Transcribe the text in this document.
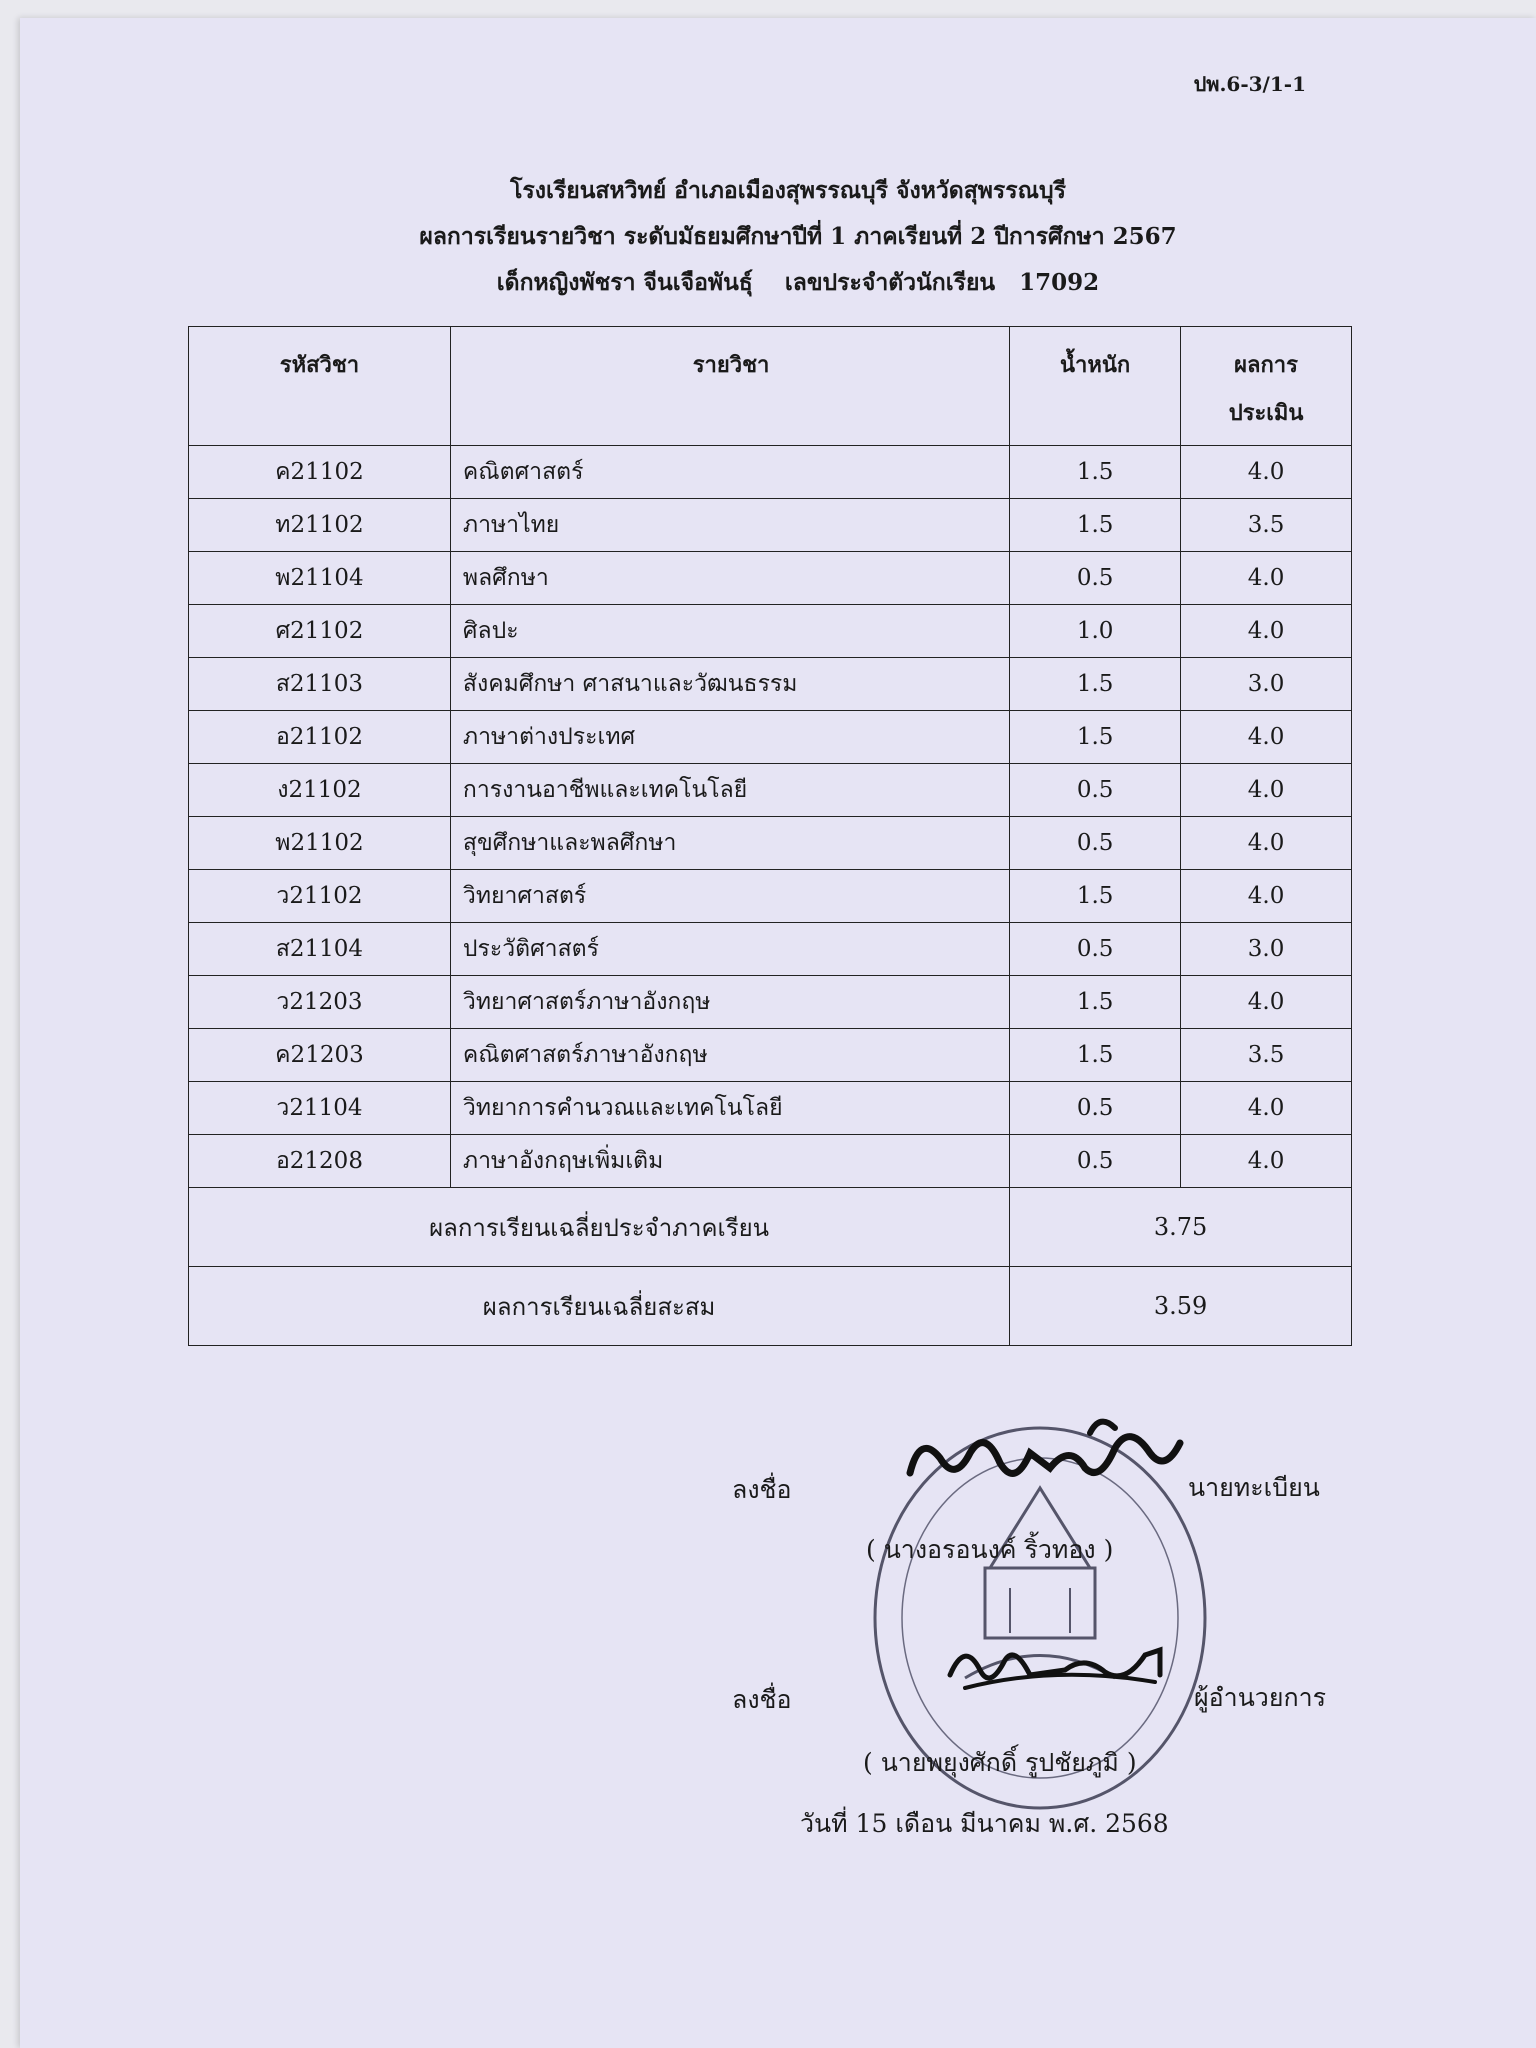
ปพ.6-3/1-1
โรงเรียนสหวิทย์ อำเภอเมืองสุพรรณบุรี จังหวัดสุพรรณบุรี
ผลการเรียนรายวิชา ระดับมัธยมศึกษาปีที่ 1 ภาคเรียนที่ 2 ปีการศึกษา 2567
เด็กหญิงพัชรา จีนเจือพันธุ์ เลขประจำตัวนักเรียน 17092
รหัสวิชา	รายวิชา	น้ำหนัก	ผลการ
ประเมิน

ค21102	คณิตศาสตร์	1.5	4.0
ท21102	ภาษาไทย	1.5	3.5
พ21104	พลศึกษา	0.5	4.0
ศ21102	ศิลปะ	1.0	4.0
ส21103	สังคมศึกษา ศาสนาและวัฒนธรรม	1.5	3.0
อ21102	ภาษาต่างประเทศ	1.5	4.0
ง21102	การงานอาชีพและเทคโนโลยี	0.5	4.0
พ21102	สุขศึกษาและพลศึกษา	0.5	4.0
ว21102	วิทยาศาสตร์	1.5	4.0
ส21104	ประวัติศาสตร์	0.5	3.0
ว21203	วิทยาศาสตร์ภาษาอังกฤษ	1.5	4.0
ค21203	คณิตศาสตร์ภาษาอังกฤษ	1.5	3.5
ว21104	วิทยาการคำนวณและเทคโนโลยี	0.5	4.0
อ21208	ภาษาอังกฤษเพิ่มเติม	0.5	4.0
ผลการเรียนเฉลี่ยประจำภาคเรียน		3.75	
ผลการเรียนเฉลี่ยสะสม		3.59	
ลงชื่อ	นายทะเบียน
( นางอรอนงค์ ริ้วทอง )
ลงชื่อ	ผู้อำนวยการ
( นายพยุงศักดิ์ รูปชัยภูมิ )
วันที่ 15 เดือน มีนาคม พ.ศ. 2568
